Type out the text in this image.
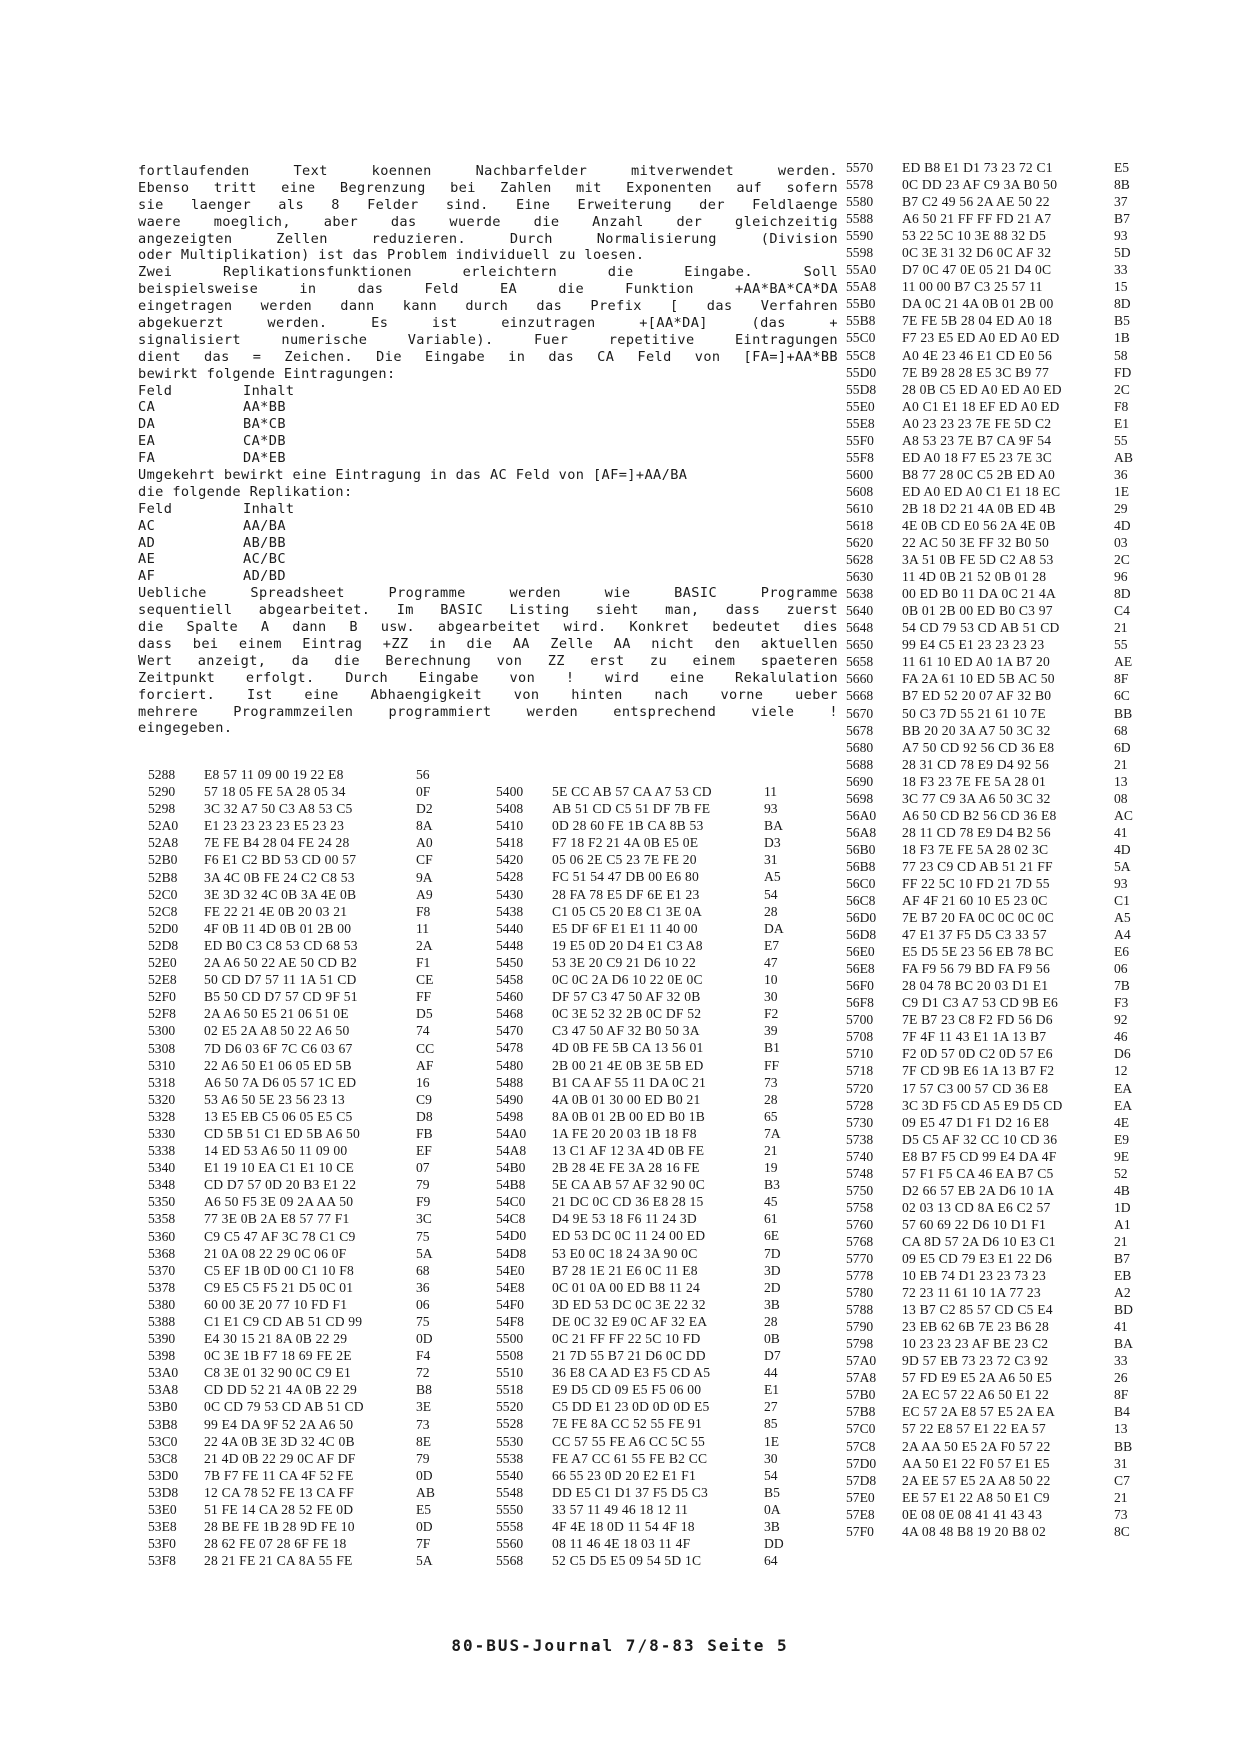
fortlaufenden Text koennen Nachbarfelder mitverwendet werden.
Ebenso tritt eine Begrenzung bei Zahlen mit Exponenten auf sofern
sie laenger als 8 Felder sind. Eine Erweiterung der Feldlaenge
waere moeglich, aber das wuerde die Anzahl der gleichzeitig
angezeigten Zellen reduzieren. Durch Normalisierung (Division
oder Multiplikation) ist das Problem individuell zu loesen.
Zwei Replikationsfunktionen erleichtern die Eingabe. Soll
beispielsweise in das Feld EA die Funktion +AA*BA*CA*DA
eingetragen werden dann kann durch das Prefix [ das Verfahren
abgekuerzt werden. Es ist einzutragen +[AA*DA] (das +
signalisiert numerische Variable). Fuer repetitive Eintragungen
dient das = Zeichen. Die Eingabe in das CA Feld von [FA=]+AA*BB
bewirkt folgende Eintragungen:
Feld	Inhalt
CA	AA*BB
DA	BA*CB
EA	CA*DB
FA	DA*EB
Umgekehrt bewirkt eine Eintragung in das AC Feld von [AF=]+AA/BA
die folgende Replikation:
Feld	Inhalt
AC	AA/BA
AD	AB/BB
AE	AC/BC
AF	AD/BD
Uebliche Spreadsheet Programme werden wie BASIC Programme
sequentiell abgearbeitet. Im BASIC Listing sieht man, dass zuerst
die Spalte A dann B usw. abgearbeitet wird. Konkret bedeutet dies
dass bei einem Eintrag +ZZ in die AA Zelle AA nicht den aktuellen
Wert anzeigt, da die Berechnung von ZZ erst zu einem spaeteren
Zeitpunkt erfolgt. Durch Eingabe von ! wird eine Rekalulation
forciert. Ist eine Abhaengigkeit von hinten nach vorne ueber
mehrere Programmzeilen programmiert werden entsprechend viele !
eingegeben.
5288	E8 57 11 09 00 19 22 E8	56
5290	57 18 05 FE 5A 28 05 34	0F
5298	3C 32 A7 50 C3 A8 53 C5	D2
52A0	E1 23 23 23 23 E5 23 23	8A
52A8	7E FE B4 28 04 FE 24 28	A0
52B0	F6 E1 C2 BD 53 CD 00 57	CF
52B8	3A 4C 0B FE 24 C2 C8 53	9A
52C0	3E 3D 32 4C 0B 3A 4E 0B	A9
52C8	FE 22 21 4E 0B 20 03 21	F8
52D0	4F 0B 11 4D 0B 01 2B 00	11
52D8	ED B0 C3 C8 53 CD 68 53	2A
52E0	2A A6 50 22 AE 50 CD B2	F1
52E8	50 CD D7 57 11 1A 51 CD	CE
52F0	B5 50 CD D7 57 CD 9F 51	FF
52F8	2A A6 50 E5 21 06 51 0E	D5
5300	02 E5 2A A8 50 22 A6 50	74
5308	7D D6 03 6F 7C C6 03 67	CC
5310	22 A6 50 E1 06 05 ED 5B	AF
5318	A6 50 7A D6 05 57 1C ED	16
5320	53 A6 50 5E 23 56 23 13	C9
5328	13 E5 EB C5 06 05 E5 C5	D8
5330	CD 5B 51 C1 ED 5B A6 50	FB
5338	14 ED 53 A6 50 11 09 00	EF
5340	E1 19 10 EA C1 E1 10 CE	07
5348	CD D7 57 0D 20 B3 E1 22	79
5350	A6 50 F5 3E 09 2A AA 50	F9
5358	77 3E 0B 2A E8 57 77 F1	3C
5360	C9 C5 47 AF 3C 78 C1 C9	75
5368	21 0A 08 22 29 0C 06 0F	5A
5370	C5 EF 1B 0D 00 C1 10 F8	68
5378	C9 E5 C5 F5 21 D5 0C 01	36
5380	60 00 3E 20 77 10 FD F1	06
5388	C1 E1 C9 CD AB 51 CD 99	75
5390	E4 30 15 21 8A 0B 22 29	0D
5398	0C 3E 1B F7 18 69 FE 2E	F4
53A0	C8 3E 01 32 90 0C C9 E1	72
53A8	CD DD 52 21 4A 0B 22 29	B8
53B0	0C CD 79 53 CD AB 51 CD	3E
53B8	99 E4 DA 9F 52 2A A6 50	73
53C0	22 4A 0B 3E 3D 32 4C 0B	8E
53C8	21 4D 0B 22 29 0C AF DF	79
53D0	7B F7 FE 11 CA 4F 52 FE	0D
53D8	12 CA 78 52 FE 13 CA FF	AB
53E0	51 FE 14 CA 28 52 FE 0D	E5
53E8	28 BE FE 1B 28 9D FE 10	0D
53F0	28 62 FE 07 28 6F FE 18	7F
53F8	28 21 FE 21 CA 8A 55 FE	5A
5400	5E CC AB 57 CA A7 53 CD	11
5408	AB 51 CD C5 51 DF 7B FE	93
5410	0D 28 60 FE 1B CA 8B 53	BA
5418	F7 18 F2 21 4A 0B E5 0E	D3
5420	05 06 2E C5 23 7E FE 20	31
5428	FC 51 54 47 DB 00 E6 80	A5
5430	28 FA 78 E5 DF 6E E1 23	54
5438	C1 05 C5 20 E8 C1 3E 0A	28
5440	E5 DF 6F E1 E1 11 40 00	DA
5448	19 E5 0D 20 D4 E1 C3 A8	E7
5450	53 3E 20 C9 21 D6 10 22	47
5458	0C 0C 2A D6 10 22 0E 0C	10
5460	DF 57 C3 47 50 AF 32 0B	30
5468	0C 3E 52 32 2B 0C DF 52	F2
5470	C3 47 50 AF 32 B0 50 3A	39
5478	4D 0B FE 5B CA 13 56 01	B1
5480	2B 00 21 4E 0B 3E 5B ED	FF
5488	B1 CA AF 55 11 DA 0C 21	73
5490	4A 0B 01 30 00 ED B0 21	28
5498	8A 0B 01 2B 00 ED B0 1B	65
54A0	1A FE 20 20 03 1B 18 F8	7A
54A8	13 C1 AF 12 3A 4D 0B FE	21
54B0	2B 28 4E FE 3A 28 16 FE	19
54B8	5E CA AB 57 AF 32 90 0C	B3
54C0	21 DC 0C CD 36 E8 28 15	45
54C8	D4 9E 53 18 F6 11 24 3D	61
54D0	ED 53 DC 0C 11 24 00 ED	6E
54D8	53 E0 0C 18 24 3A 90 0C	7D
54E0	B7 28 1E 21 E6 0C 11 E8	3D
54E8	0C 01 0A 00 ED B8 11 24	2D
54F0	3D ED 53 DC 0C 3E 22 32	3B
54F8	DE 0C 32 E9 0C AF 32 EA	28
5500	0C 21 FF FF 22 5C 10 FD	0B
5508	21 7D 55 B7 21 D6 0C DD	D7
5510	36 E8 CA AD E3 F5 CD A5	44
5518	E9 D5 CD 09 E5 F5 06 00	E1
5520	C5 DD E1 23 0D 0D 0D E5	27
5528	7E FE 8A CC 52 55 FE 91	85
5530	CC 57 55 FE A6 CC 5C 55	1E
5538	FE A7 CC 61 55 FE B2 CC	30
5540	66 55 23 0D 20 E2 E1 F1	54
5548	DD E5 C1 D1 37 F5 D5 C3	B5
5550	33 57 11 49 46 18 12 11	0A
5558	4F 4E 18 0D 11 54 4F 18	3B
5560	08 11 46 4E 18 03 11 4F	DD
5568	52 C5 D5 E5 09 54 5D 1C	64
5570	ED B8 E1 D1 73 23 72 C1	E5
5578	0C DD 23 AF C9 3A B0 50	8B
5580	B7 C2 49 56 2A AE 50 22	37
5588	A6 50 21 FF FF FD 21 A7	B7
5590	53 22 5C 10 3E 88 32 D5	93
5598	0C 3E 31 32 D6 0C AF 32	5D
55A0	D7 0C 47 0E 05 21 D4 0C	33
55A8	11 00 00 B7 C3 25 57 11	15
55B0	DA 0C 21 4A 0B 01 2B 00	8D
55B8	7E FE 5B 28 04 ED A0 18	B5
55C0	F7 23 E5 ED A0 ED A0 ED	1B
55C8	A0 4E 23 46 E1 CD E0 56	58
55D0	7E B9 28 28 E5 3C B9 77	FD
55D8	28 0B C5 ED A0 ED A0 ED	2C
55E0	A0 C1 E1 18 EF ED A0 ED	F8
55E8	A0 23 23 23 7E FE 5D C2	E1
55F0	A8 53 23 7E B7 CA 9F 54	55
55F8	ED A0 18 F7 E5 23 7E 3C	AB
5600	B8 77 28 0C C5 2B ED A0	36
5608	ED A0 ED A0 C1 E1 18 EC	1E
5610	2B 18 D2 21 4A 0B ED 4B	29
5618	4E 0B CD E0 56 2A 4E 0B	4D
5620	22 AC 50 3E FF 32 B0 50	03
5628	3A 51 0B FE 5D C2 A8 53	2C
5630	11 4D 0B 21 52 0B 01 28	96
5638	00 ED B0 11 DA 0C 21 4A	8D
5640	0B 01 2B 00 ED B0 C3 97	C4
5648	54 CD 79 53 CD AB 51 CD	21
5650	99 E4 C5 E1 23 23 23 23	55
5658	11 61 10 ED A0 1A B7 20	AE
5660	FA 2A 61 10 ED 5B AC 50	8F
5668	B7 ED 52 20 07 AF 32 B0	6C
5670	50 C3 7D 55 21 61 10 7E	BB
5678	BB 20 20 3A A7 50 3C 32	68
5680	A7 50 CD 92 56 CD 36 E8	6D
5688	28 31 CD 78 E9 D4 92 56	21
5690	18 F3 23 7E FE 5A 28 01	13
5698	3C 77 C9 3A A6 50 3C 32	08
56A0	A6 50 CD B2 56 CD 36 E8	AC
56A8	28 11 CD 78 E9 D4 B2 56	41
56B0	18 F3 7E FE 5A 28 02 3C	4D
56B8	77 23 C9 CD AB 51 21 FF	5A
56C0	FF 22 5C 10 FD 21 7D 55	93
56C8	AF 4F 21 60 10 E5 23 0C	C1
56D0	7E B7 20 FA 0C 0C 0C 0C	A5
56D8	47 E1 37 F5 D5 C3 33 57	A4
56E0	E5 D5 5E 23 56 EB 78 BC	E6
56E8	FA F9 56 79 BD FA F9 56	06
56F0	28 04 78 BC 20 03 D1 E1	7B
56F8	C9 D1 C3 A7 53 CD 9B E6	F3
5700	7E B7 23 C8 F2 FD 56 D6	92
5708	7F 4F 11 43 E1 1A 13 B7	46
5710	F2 0D 57 0D C2 0D 57 E6	D6
5718	7F CD 9B E6 1A 13 B7 F2	12
5720	17 57 C3 00 57 CD 36 E8	EA
5728	3C 3D F5 CD A5 E9 D5 CD	EA
5730	09 E5 47 D1 F1 D2 16 E8	4E
5738	D5 C5 AF 32 CC 10 CD 36	E9
5740	E8 B7 F5 CD 99 E4 DA 4F	9E
5748	57 F1 F5 CA 46 EA B7 C5	52
5750	D2 66 57 EB 2A D6 10 1A	4B
5758	02 03 13 CD 8A E6 C2 57	1D
5760	57 60 69 22 D6 10 D1 F1	A1
5768	CA 8D 57 2A D6 10 E3 C1	21
5770	09 E5 CD 79 E3 E1 22 D6	B7
5778	10 EB 74 D1 23 23 73 23	EB
5780	72 23 11 61 10 1A 77 23	A2
5788	13 B7 C2 85 57 CD C5 E4	BD
5790	23 EB 62 6B 7E 23 B6 28	41
5798	10 23 23 23 AF BE 23 C2	BA
57A0	9D 57 EB 73 23 72 C3 92	33
57A8	57 FD E9 E5 2A A6 50 E5	26
57B0	2A EC 57 22 A6 50 E1 22	8F
57B8	EC 57 2A E8 57 E5 2A EA	B4
57C0	57 22 E8 57 E1 22 EA 57	13
57C8	2A AA 50 E5 2A F0 57 22	BB
57D0	AA 50 E1 22 F0 57 E1 E5	31
57D8	2A EE 57 E5 2A A8 50 22	C7
57E0	EE 57 E1 22 A8 50 E1 C9	21
57E8	0E 08 0E 08 41 41 43 43	73
57F0	4A 08 48 B8 19 20 B8 02	8C
80-BUS-Journal 7/8-83 Seite 5
